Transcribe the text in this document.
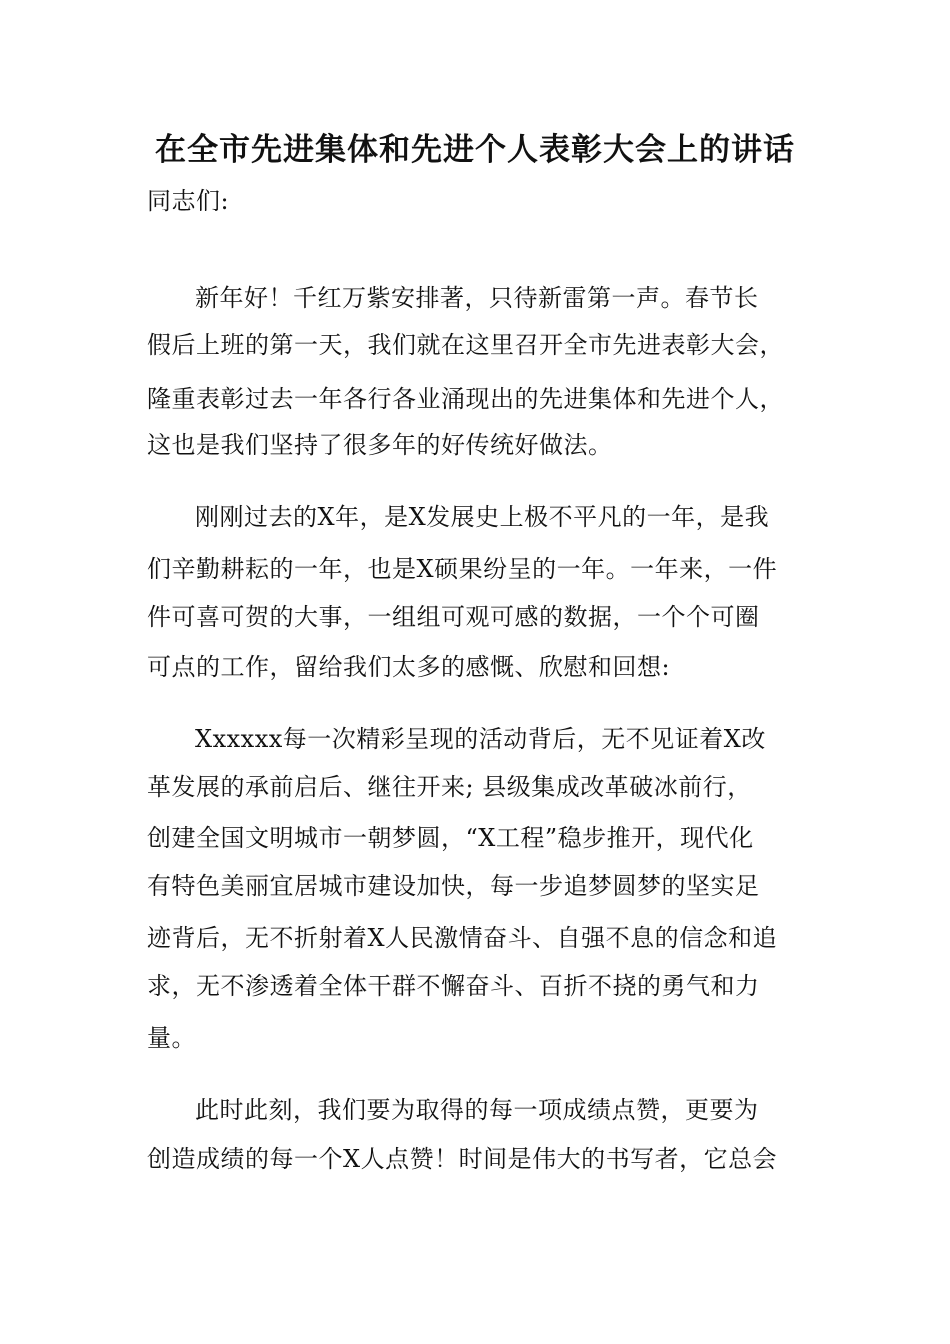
在全市先进集体和先进个人表彰大会上的讲话
同志们:
新年好！千红万紫安排著，只待新雷第一声。春节长
假后上班的第一天，我们就在这里召开全市先进表彰大会，
隆重表彰过去一年各行各业涌现出的先进集体和先进个人，
这也是我们坚持了很多年的好传统好做法。
刚刚过去的X年，是X发展史上极不平凡的一年，是我
们辛勤耕耘的一年，也是X硕果纷呈的一年。一年来，一件
件可喜可贺的大事，一组组可观可感的数据，一个个可圈
可点的工作，留给我们太多的感慨、欣慰和回想:
Xxxxxx每一次精彩呈现的活动背后，无不见证着X改
革发展的承前启后、继往开来; 县级集成改革破冰前行，
创建全国文明城市一朝梦圆，“X工程”稳步推开，现代化
有特色美丽宜居城市建设加快，每一步追梦圆梦的坚实足
迹背后，无不折射着X人民激情奋斗、自强不息的信念和追
求，无不渗透着全体干群不懈奋斗、百折不挠的勇气和力
量。
此时此刻，我们要为取得的每一项成绩点赞，更要为
创造成绩的每一个X人点赞！时间是伟大的书写者，它总会
